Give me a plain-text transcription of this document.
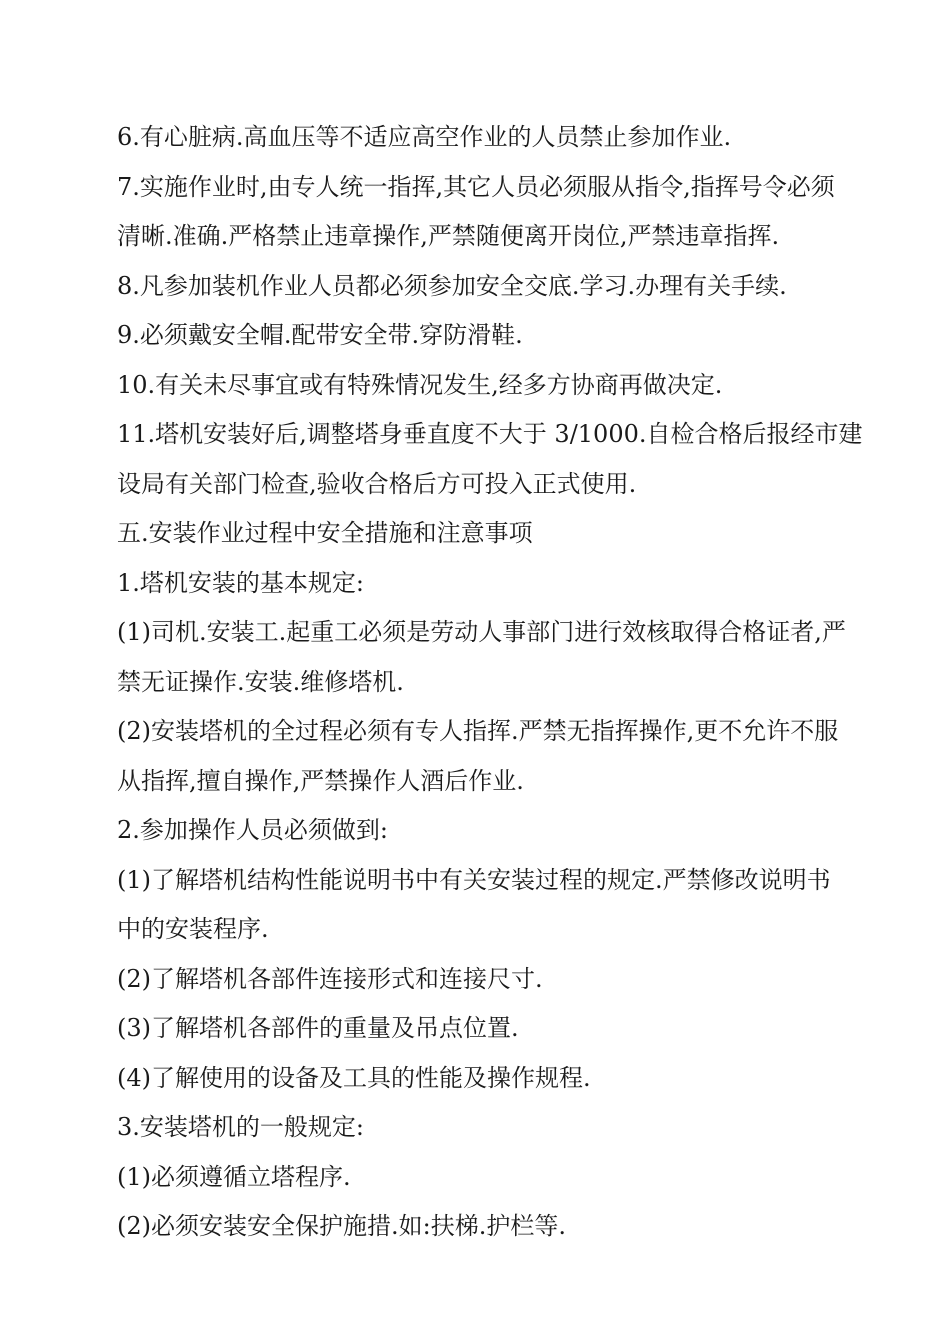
6.有心脏病.高血压等不适应高空作业的人员禁止参加作业.

7.实施作业时,由专人统一指挥,其它人员必须服从指令,指挥号令必须

清晰.准确.严格禁止违章操作,严禁随便离开岗位,严禁违章指挥.

8.凡参加装机作业人员都必须参加安全交底.学习.办理有关手续.

9.必须戴安全帽.配带安全带.穿防滑鞋.

10.有关未尽事宜或有特殊情况发生,经多方协商再做决定.

11.塔机安装好后,调整塔身垂直度不大于 3/1000.自检合格后报经市建

设局有关部门检查,验收合格后方可投入正式使用.

五.安装作业过程中安全措施和注意事项

1.塔机安装的基本规定:

(1)司机.安装工.起重工必须是劳动人事部门进行效核取得合格证者,严

禁无证操作.安装.维修塔机.

(2)安装塔机的全过程必须有专人指挥.严禁无指挥操作,更不允许不服

从指挥,擅自操作,严禁操作人酒后作业.

2.参加操作人员必须做到:

(1)了解塔机结构性能说明书中有关安装过程的规定.严禁修改说明书

中的安装程序.

(2)了解塔机各部件连接形式和连接尺寸.

(3)了解塔机各部件的重量及吊点位置.

(4)了解使用的设备及工具的性能及操作规程.

3.安装塔机的一般规定:

(1)必须遵循立塔程序.

(2)必须安装安全保护施措.如:扶梯.护栏等.
